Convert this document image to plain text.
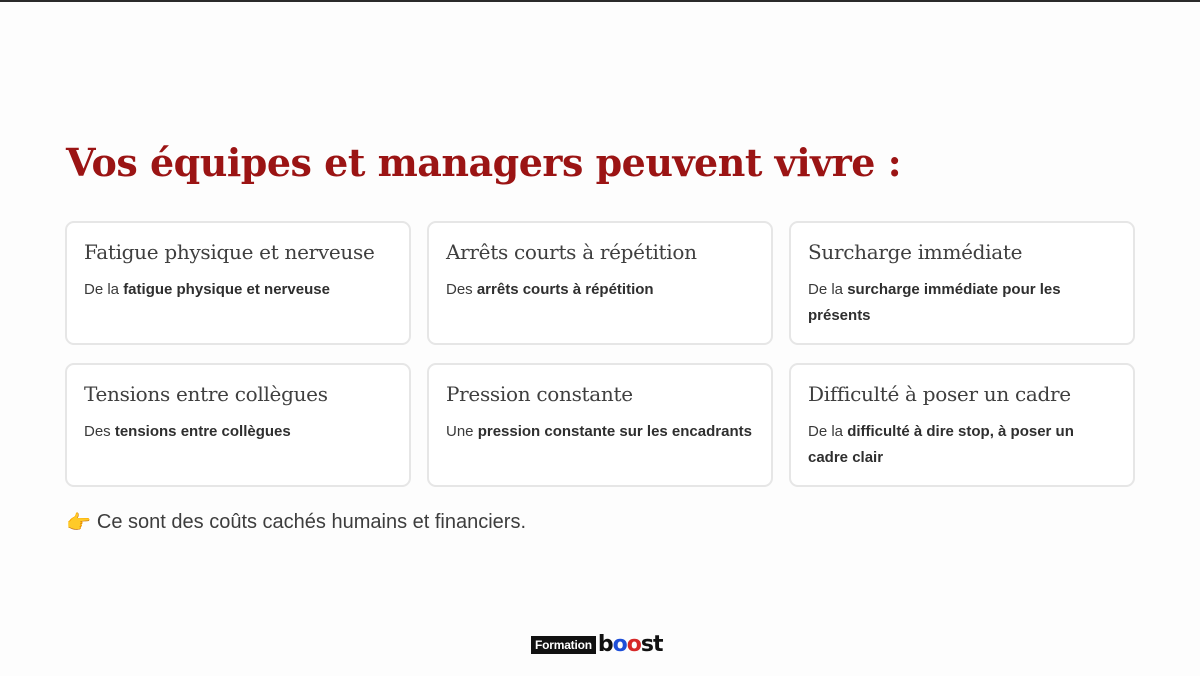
Vos équipes et managers peuvent vivre :
Fatigue physique et nerveuse
De la fatigue physique et nerveuse
Arrêts courts à répétition
Des arrêts courts à répétition
Surcharge immédiate
De la surcharge immédiate pour les présents
Tensions entre collègues
Des tensions entre collègues
Pression constante
Une pression constante sur les encadrants
Difficulté à poser un cadre
De la difficulté à dire stop, à poser un cadre clair
👉 Ce sont des coûts cachés humains et financiers.
Formation boost
